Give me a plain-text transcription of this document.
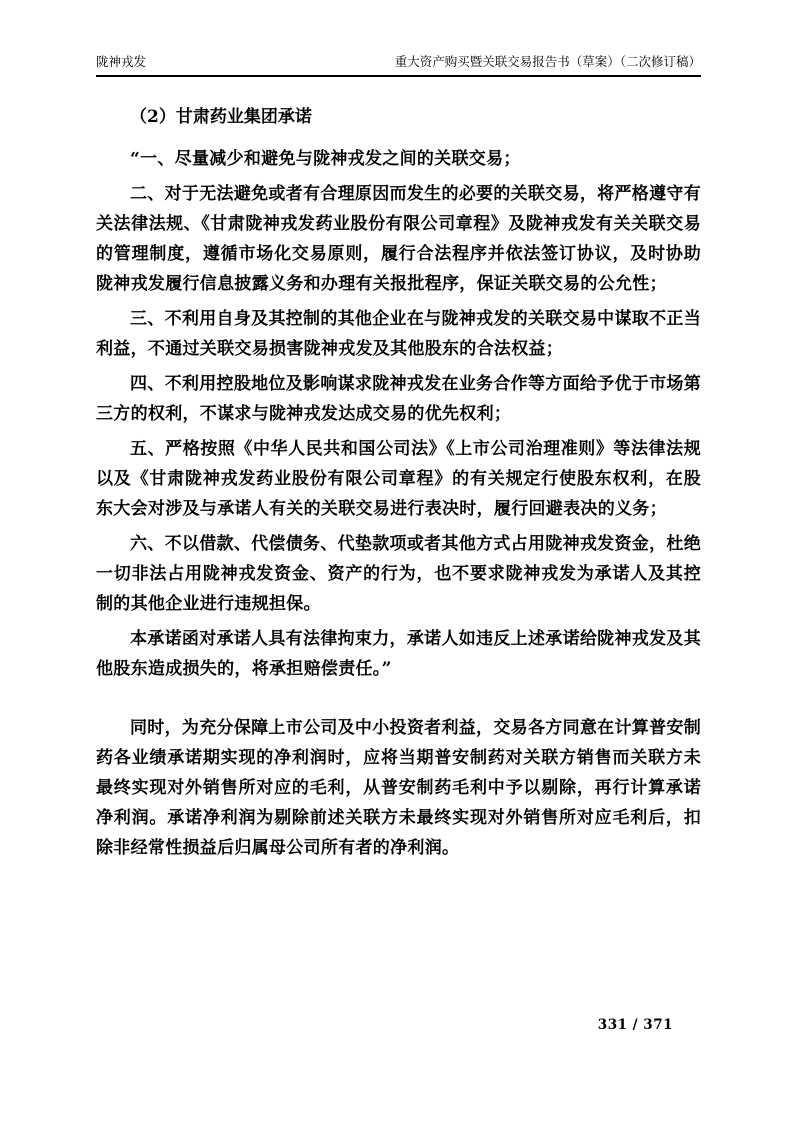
陇神戎发	重大资产购买暨关联交易报告书（草案）（二次修订稿）

（2）甘肃药业集团承诺

“一、尽量减少和避免与陇神戎发之间的关联交易；

二、对于无法避免或者有合理原因而发生的必要的关联交易，将严格遵守有关法律法规、《甘肃陇神戎发药业股份有限公司章程》及陇神戎发有关关联交易的管理制度，遵循市场化交易原则，履行合法程序并依法签订协议，及时协助陇神戎发履行信息披露义务和办理有关报批程序，保证关联交易的公允性；

三、不利用自身及其控制的其他企业在与陇神戎发的关联交易中谋取不正当利益，不通过关联交易损害陇神戎发及其他股东的合法权益；

四、不利用控股地位及影响谋求陇神戎发在业务合作等方面给予优于市场第三方的权利，不谋求与陇神戎发达成交易的优先权利；

五、严格按照《中华人民共和国公司法》《上市公司治理准则》等法律法规以及《甘肃陇神戎发药业股份有限公司章程》的有关规定行使股东权利，在股东大会对涉及与承诺人有关的关联交易进行表决时，履行回避表决的义务；

六、不以借款、代偿债务、代垫款项或者其他方式占用陇神戎发资金，杜绝一切非法占用陇神戎发资金、资产的行为，也不要求陇神戎发为承诺人及其控制的其他企业进行违规担保。

本承诺函对承诺人具有法律拘束力，承诺人如违反上述承诺给陇神戎发及其他股东造成损失的，将承担赔偿责任。”

同时，为充分保障上市公司及中小投资者利益，交易各方同意在计算普安制药各业绩承诺期实现的净利润时，应将当期普安制药对关联方销售而关联方未最终实现对外销售所对应的毛利，从普安制药毛利中予以剔除，再行计算承诺净利润。承诺净利润为剔除前述关联方未最终实现对外销售所对应毛利后，扣除非经常性损益后归属母公司所有者的净利润。

331 / 371
